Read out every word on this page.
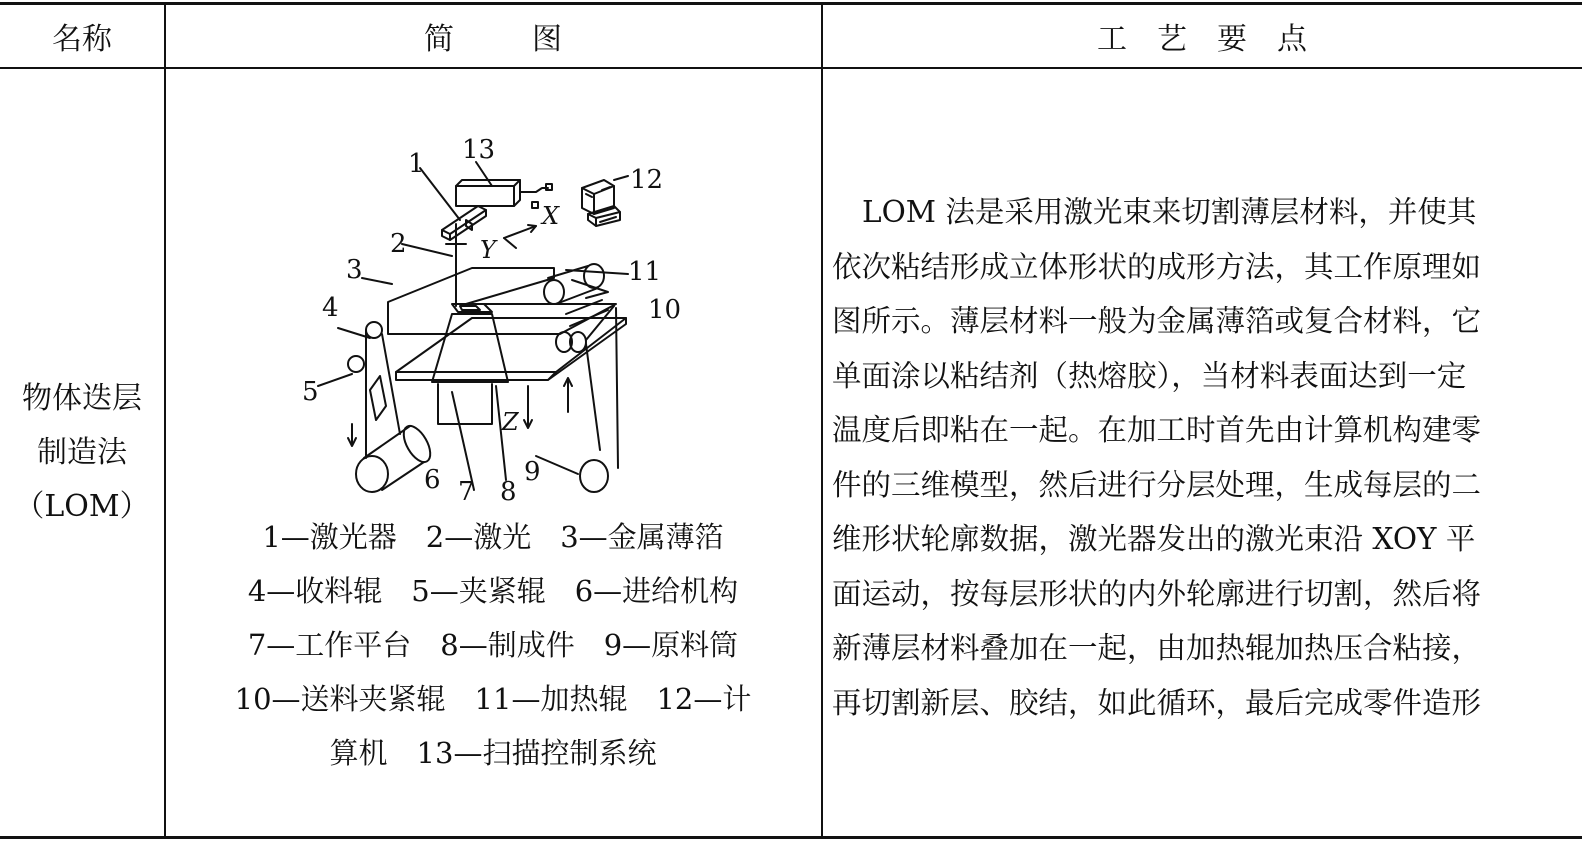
名称	简图	工艺要点
物体迭层
制造法
（LOM）
1
2
3
4
5
6 7 8
9
10
11
12
13
X
Y
Z
1—激光器　2—激光　3—金属薄箔
4—收料辊　5—夹紧辊　6—进给机构
7—工作平台　8—制成件　9—原料筒
10—送料夹紧辊　11—加热辊　12—计
算机　13—扫描控制系统
LOM 法是采用激光束来切割薄层材料，并使其
依次粘结形成立体形状的成形方法，其工作原理如
图所示。薄层材料一般为金属薄箔或复合材料，它
单面涂以粘结剂（热熔胶），当材料表面达到一定
温度后即粘在一起。在加工时首先由计算机构建零
件的三维模型，然后进行分层处理，生成每层的二
维形状轮廓数据，激光器发出的激光束沿 XOY 平
面运动，按每层形状的内外轮廓进行切割，然后将
新薄层材料叠加在一起，由加热辊加热压合粘接，
再切割新层、胶结，如此循环，最后完成零件造形
